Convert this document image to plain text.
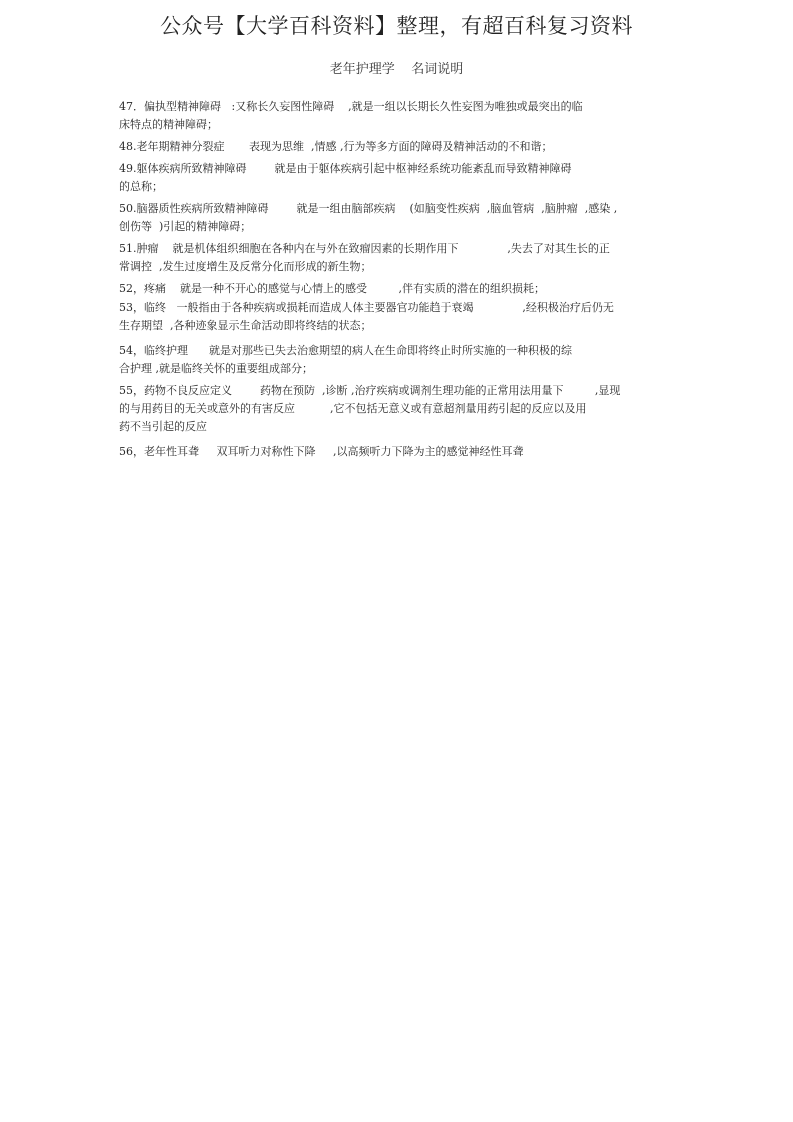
公众号【大学百科资料】整理，有超百科复习资料
老年护理学    名词说明
47．偏执型精神障碍   :又称长久妄图性障碍    ,就是一组以长期长久性妄图为唯独或最突出的临
床特点的精神障碍；
48.老年期精神分裂症       表现为思维  ,情感 ,行为等多方面的障碍及精神活动的不和谐；
49.躯体疾病所致精神障碍        就是由于躯体疾病引起中枢神经系统功能紊乱而导致精神障碍
的总称；
50.脑器质性疾病所致精神障碍        就是一组由脑部疾病    (如脑变性疾病  ,脑血管病  ,脑肿瘤  ,感染 ,
创伤等  )引起的精神障碍；
51.肿瘤    就是机体组织细胞在各种内在与外在致瘤因素的长期作用下              ,失去了对其生长的正
常调控  ,发生过度增生及反常分化而形成的新生物；
52，疼痛    就是一种不开心的感觉与心情上的感受         ,伴有实质的潜在的组织损耗；
53，临终   一般指由于各种疾病或损耗而造成人体主要器官功能趋于衰竭              ,经积极治疗后仍无
生存期望  ,各种迹象显示生命活动即将终结的状态；
54，临终护理      就是对那些已失去治愈期望的病人在生命即将终止时所实施的一种积极的综
合护理 ,就是临终关怀的重要组成部分；
55，药物不良反应定义        药物在预防  ,诊断 ,治疗疾病或调剂生理功能的正常用法用量下         ,显现
的与用药目的无关或意外的有害反应          ,它不包括无意义或有意超剂量用药引起的反应以及用
药不当引起的反应
56，老年性耳聋     双耳听力对称性下降     ,以高频听力下降为主的感觉神经性耳聋
